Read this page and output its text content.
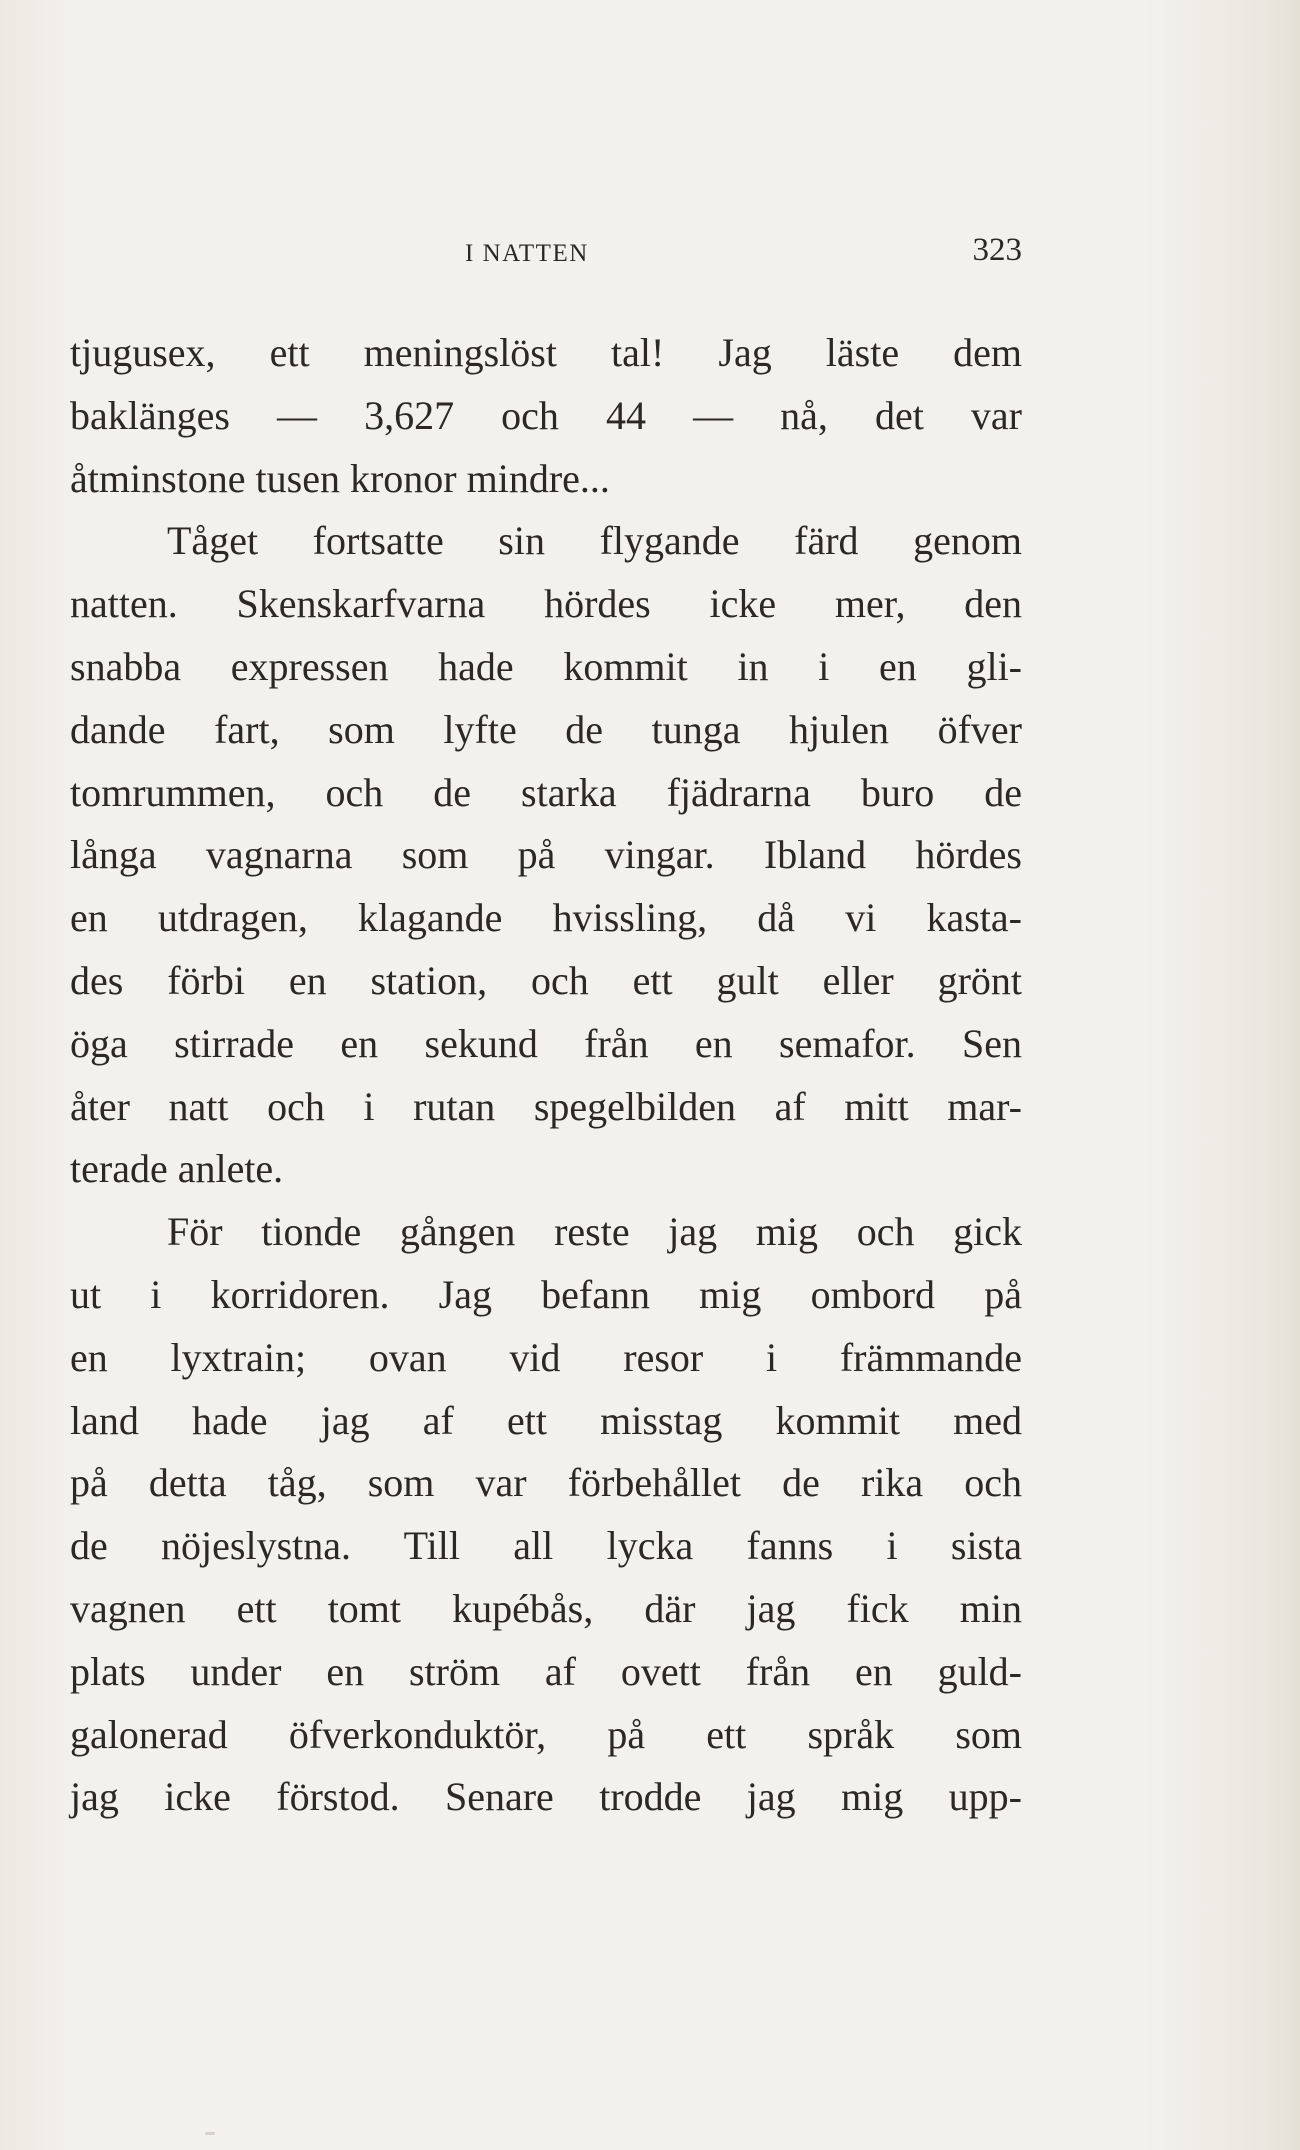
I NATTEN	323
tjugusex, ett meningslöst tal! Jag läste dem
baklänges — 3,627 och 44 — nå, det var
åtminstone tusen kronor mindre...
Tåget fortsatte sin flygande färd genom
natten. Skenskarfvarna hördes icke mer, den
snabba expressen hade kommit in i en gli-
dande fart, som lyfte de tunga hjulen öfver
tomrummen, och de starka fjädrarna buro de
långa vagnarna som på vingar. Ibland hördes
en utdragen, klagande hvissling, då vi kasta-
des förbi en station, och ett gult eller grönt
öga stirrade en sekund från en semafor. Sen
åter natt och i rutan spegelbilden af mitt mar-
terade anlete.
För tionde gången reste jag mig och gick
ut i korridoren. Jag befann mig ombord på
en lyxtrain; ovan vid resor i främmande
land hade jag af ett misstag kommit med
på detta tåg, som var förbehållet de rika och
de nöjeslystna. Till all lycka fanns i sista
vagnen ett tomt kupébås, där jag fick min
plats under en ström af ovett från en guld-
galonerad öfverkonduktör, på ett språk som
jag icke förstod. Senare trodde jag mig upp-
